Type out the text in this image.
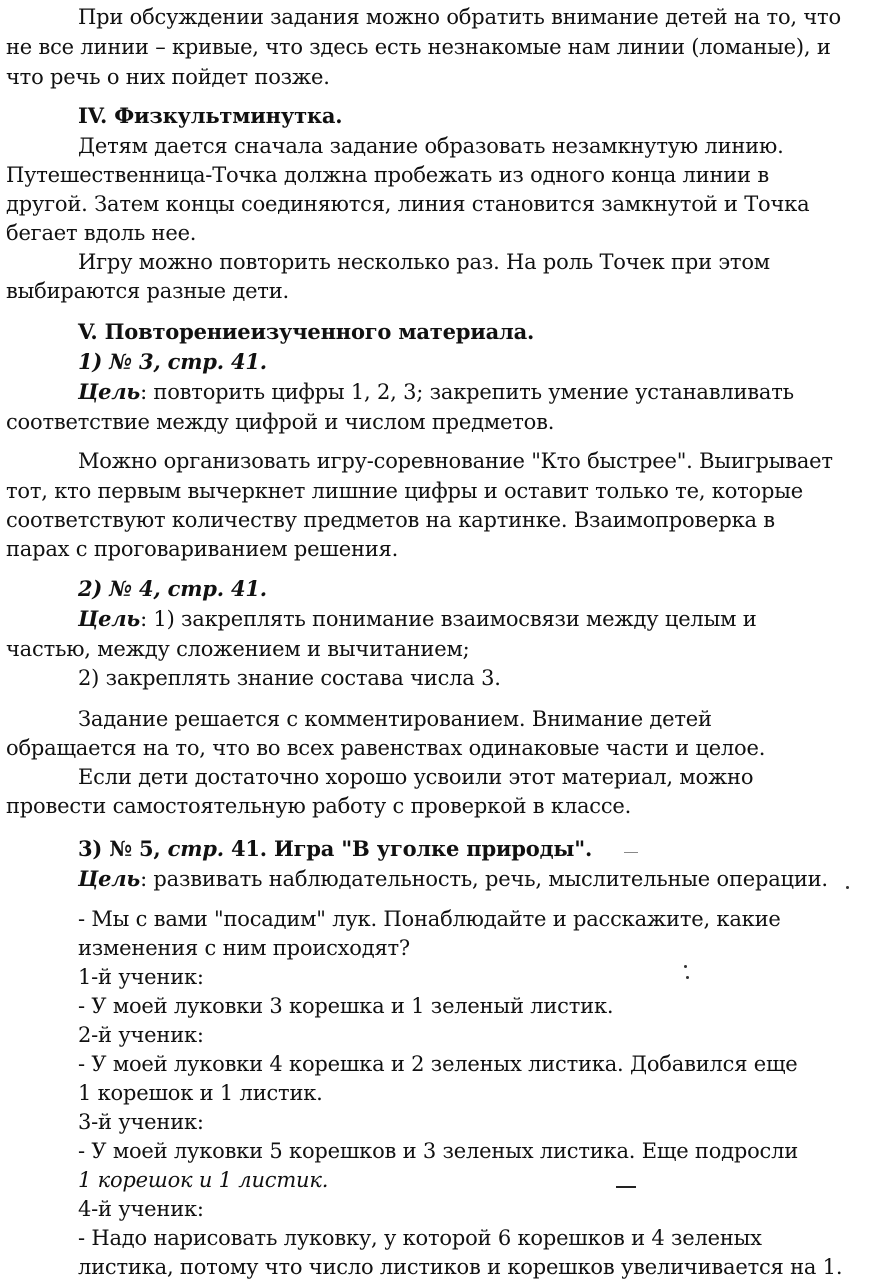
При обсуждении задания можно обратить внимание детей на то, что
не все линии – кривые, что здесь есть незнакомые нам линии (ломаные), и
что речь о них пойдет позже.
IV. Физкультминутка.
Детям дается сначала задание образовать незамкнутую линию.
Путешественница-Точка должна пробежать из одного конца линии в
другой. Затем концы соединяются, линия становится замкнутой и Точка
бегает вдоль нее.
Игру можно повторить несколько раз. На роль Точек при этом
выбираются разные дети.
V. Повторениеизученного материала.
1) № 3, стр. 41.
Цель: повторить цифры 1, 2, 3; закрепить умение устанавливать
соответствие между цифрой и числом предметов.
Можно организовать игру-соревнование "Кто быстрее". Выигрывает
тот, кто первым вычеркнет лишние цифры и оставит только те, которые
соответствуют количеству предметов на картинке. Взаимопроверка в
парах с проговариванием решения.
2) № 4, стр. 41.
Цель: 1) закреплять понимание взаимосвязи между целым и
частью, между сложением и вычитанием;
2) закреплять знание состава числа 3.
Задание решается с комментированием. Внимание детей
обращается на то, что во всех равенствах одинаковые части и целое.
Если дети достаточно хорошо усвоили этот материал, можно
провести самостоятельную работу с проверкой в классе.
3) № 5, стр. 41. Игра "В уголке природы".
Цель: развивать наблюдательность, речь, мыслительные операции.
- Мы с вами "посадим" лук. Понаблюдайте и расскажите, какие
изменения с ним происходят?
1-й ученик:
- У моей луковки 3 корешка и 1 зеленый листик.
2-й ученик:
- У моей луковки 4 корешка и 2 зеленых листика. Добавился еще
1 корешок и 1 листик.
3-й ученик:
- У моей луковки 5 корешков и 3 зеленых листика. Еще подросли
1 корешок и 1 листик.
4-й ученик:
- Надо нарисовать луковку, у которой 6 корешков и 4 зеленых
листика, потому что число листиков и корешков увеличивается на 1.
